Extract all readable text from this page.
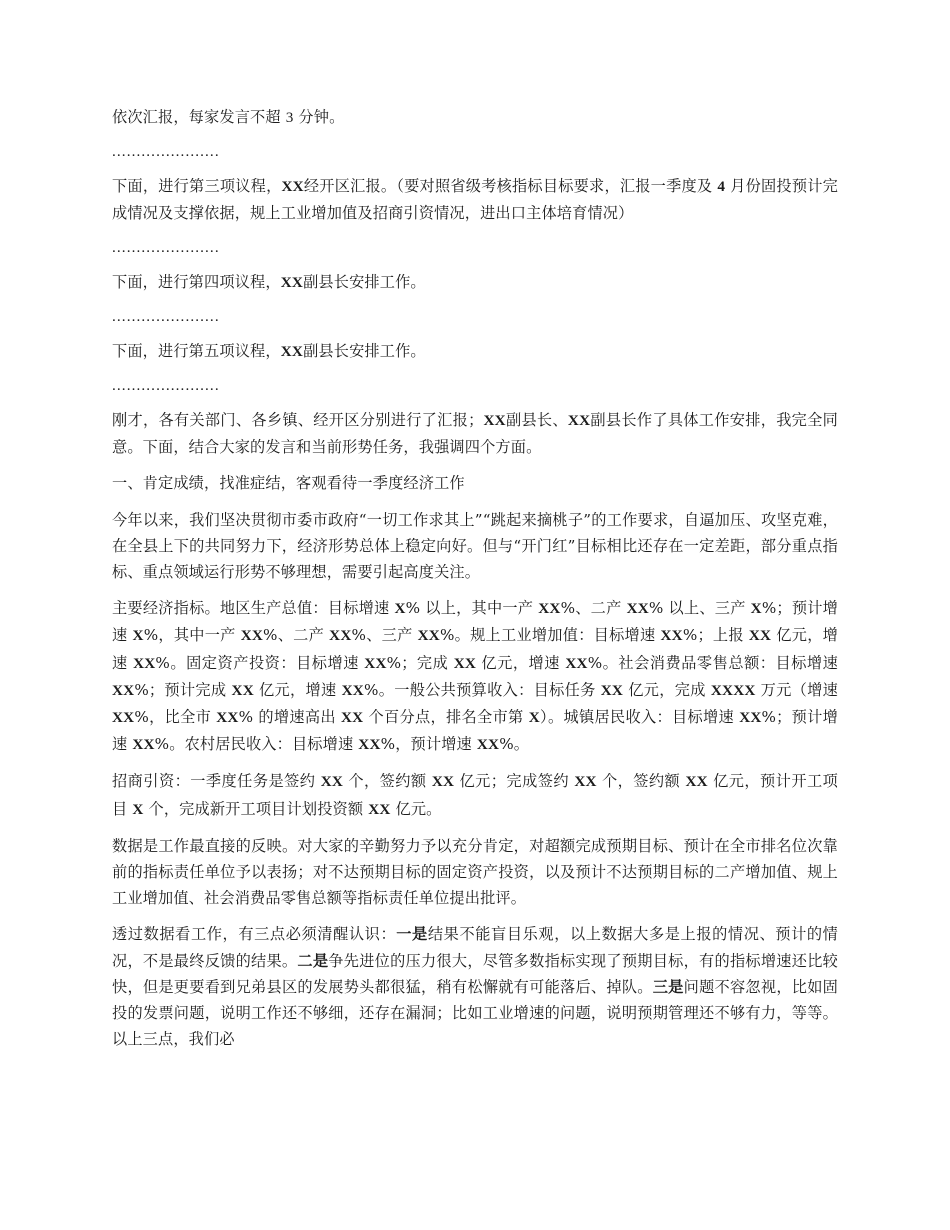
依次汇报，每家发言不超 3 分钟。

......................

下面，进行第三项议程，XX经开区汇报。（要对照省级考核指标目标要求，汇报一季度及 4 月份固投预计完成情况及支撑依据，规上工业增加值及招商引资情况，进出口主体培育情况）

......................

下面，进行第四项议程，XX副县长安排工作。

......................

下面，进行第五项议程，XX副县长安排工作。

......................

刚才，各有关部门、各乡镇、经开区分别进行了汇报；XX副县长、XX副县长作了具体工作安排，我完全同意。下面，结合大家的发言和当前形势任务，我强调四个方面。

一、肯定成绩，找准症结，客观看待一季度经济工作

今年以来，我们坚决贯彻市委市政府“一切工作求其上”“跳起来摘桃子”的工作要求，自逼加压、攻坚克难，在全县上下的共同努力下，经济形势总体上稳定向好。但与“开门红”目标相比还存在一定差距，部分重点指标、重点领域运行形势不够理想，需要引起高度关注。

主要经济指标。地区生产总值：目标增速 X% 以上，其中一产 XX%、二产 XX% 以上、三产 X%；预计增速 X%，其中一产 XX%、二产 XX%、三产 XX%。规上工业增加值：目标增速 XX%；上报 XX 亿元，增速 XX%。固定资产投资：目标增速 XX%；完成 XX 亿元，增速 XX%。社会消费品零售总额：目标增速 XX%；预计完成 XX 亿元，增速 XX%。一般公共预算收入：目标任务 XX 亿元，完成 XXXX 万元（增速 XX%，比全市 XX% 的增速高出 XX 个百分点，排名全市第 X）。城镇居民收入：目标增速 XX%；预计增速 XX%。农村居民收入：目标增速 XX%，预计增速 XX%。

招商引资：一季度任务是签约 XX 个，签约额 XX 亿元；完成签约 XX 个，签约额 XX 亿元，预计开工项目 X 个，完成新开工项目计划投资额 XX 亿元。

数据是工作最直接的反映。对大家的辛勤努力予以充分肯定，对超额完成预期目标、预计在全市排名位次靠前的指标责任单位予以表扬；对不达预期目标的固定资产投资，以及预计不达预期目标的二产增加值、规上工业增加值、社会消费品零售总额等指标责任单位提出批评。

透过数据看工作，有三点必须清醒认识：一是结果不能盲目乐观，以上数据大多是上报的情况、预计的情况，不是最终反馈的结果。二是争先进位的压力很大，尽管多数指标实现了预期目标，有的指标增速还比较快，但是更要看到兄弟县区的发展势头都很猛，稍有松懈就有可能落后、掉队。三是问题不容忽视，比如固投的发票问题，说明工作还不够细，还存在漏洞；比如工业增速的问题，说明预期管理还不够有力，等等。以上三点，我们必
